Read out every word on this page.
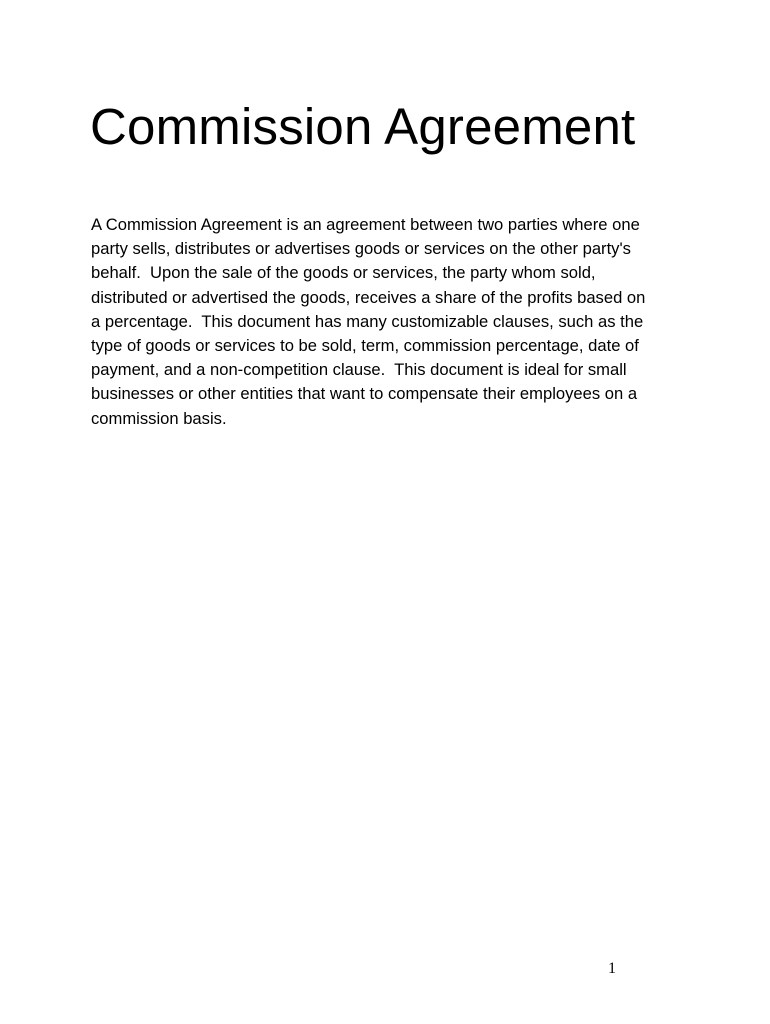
Commission Agreement

A Commission Agreement is an agreement between two parties where one
party sells, distributes or advertises goods or services on the other party's
behalf.  Upon the sale of the goods or services, the party whom sold,
distributed or advertised the goods, receives a share of the profits based on
a percentage.  This document has many customizable clauses, such as the
type of goods or services to be sold, term, commission percentage, date of
payment, and a non-competition clause.  This document is ideal for small
businesses or other entities that want to compensate their employees on a
commission basis.

1
